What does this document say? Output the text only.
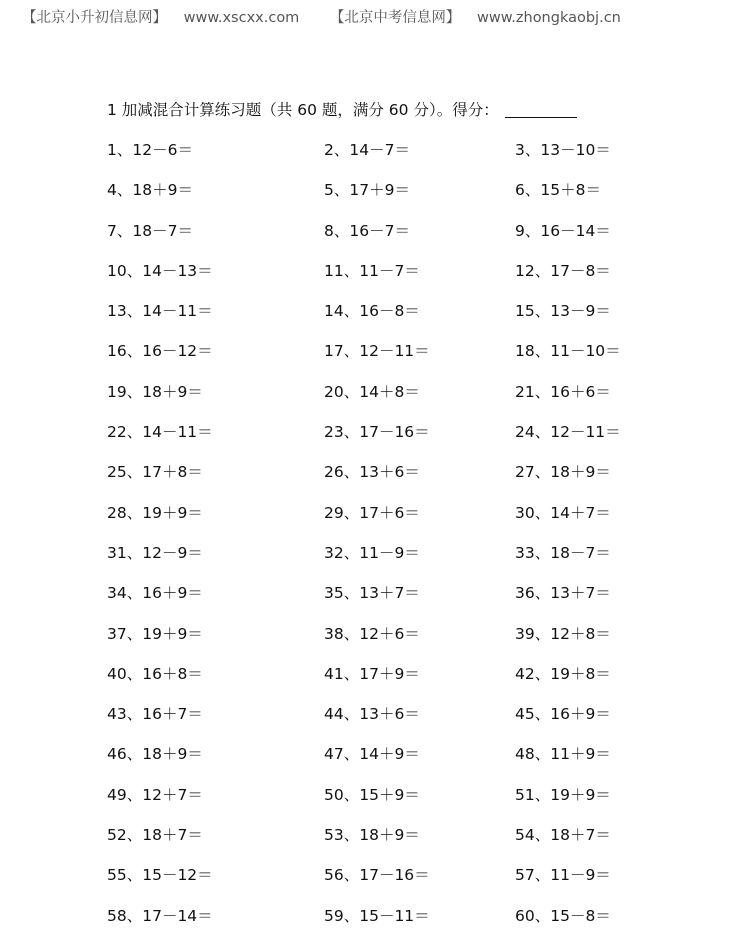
【北京小升初信息网】 www.xscxx.com 【北京中考信息网】 www.zhongkaobj.cn
1 加减混合计算练习题（共 60 题，满分 60 分）。得分：
1、12－6＝	2、14－7＝	3、13－10＝
4、18＋9＝	5、17＋9＝	6、15＋8＝
7、18－7＝	8、16－7＝	9、16－14＝
10、14－13＝	11、11－7＝	12、17－8＝
13、14－11＝	14、16－8＝	15、13－9＝
16、16－12＝	17、12－11＝	18、11－10＝
19、18＋9＝	20、14＋8＝	21、16＋6＝
22、14－11＝	23、17－16＝	24、12－11＝
25、17＋8＝	26、13＋6＝	27、18＋9＝
28、19＋9＝	29、17＋6＝	30、14＋7＝
31、12－9＝	32、11－9＝	33、18－7＝
34、16＋9＝	35、13＋7＝	36、13＋7＝
37、19＋9＝	38、12＋6＝	39、12＋8＝
40、16＋8＝	41、17＋9＝	42、19＋8＝
43、16＋7＝	44、13＋6＝	45、16＋9＝
46、18＋9＝	47、14＋9＝	48、11＋9＝
49、12＋7＝	50、15＋9＝	51、19＋9＝
52、18＋7＝	53、18＋9＝	54、18＋7＝
55、15－12＝	56、17－16＝	57、11－9＝
58、17－14＝	59、15－11＝	60、15－8＝
